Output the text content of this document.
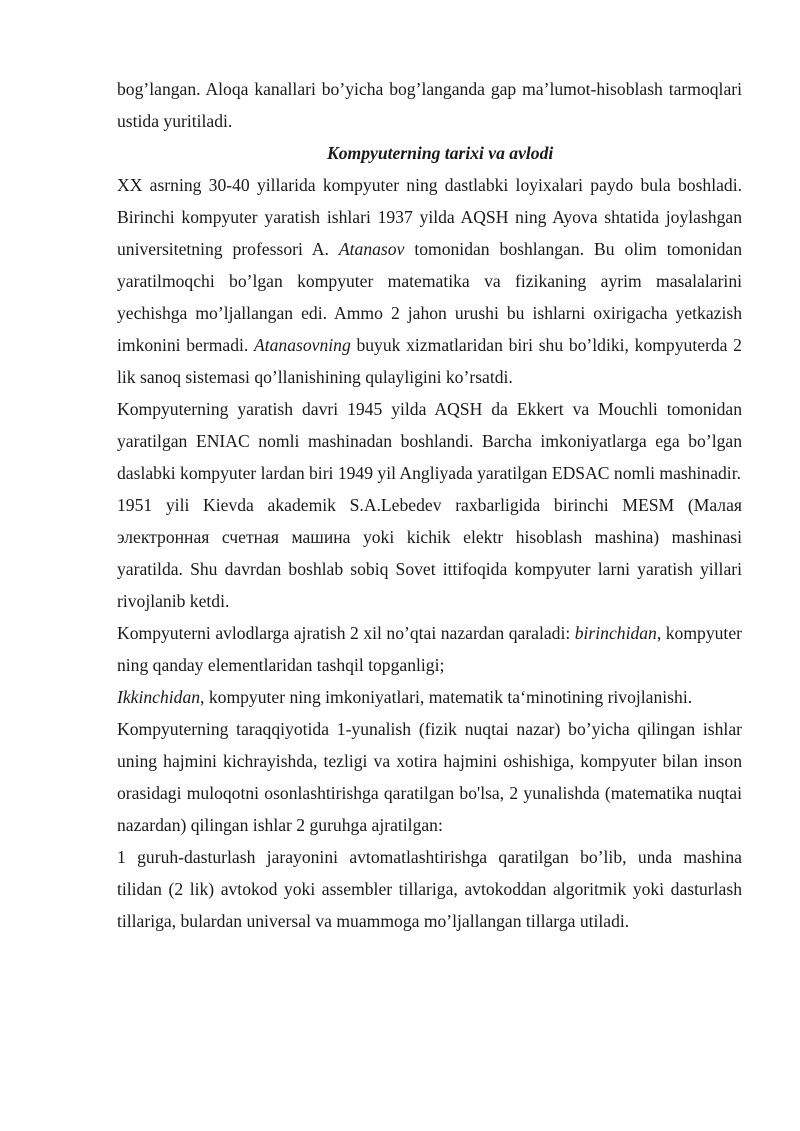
bog’langan. Aloqa kanallari bo’yicha bog’langanda gap ma’lumot-hisoblash tarmoqlari ustida yuritiladi.

Kompyuterning tarixi va avlodi

XX asrning 30-40 yillarida kompyuter ning dastlabki loyixalari paydo bula boshladi. Birinchi kompyuter yaratish ishlari 1937 yilda AQSH ning Ayova shtatida joylashgan universitetning professori A. Atanasov tomonidan boshlangan. Bu olim tomonidan yaratilmoqchi bo’lgan kompyuter matematika va fizikaning ayrim masalalarini yechishga mo’ljallangan edi. Ammo 2 jahon urushi bu ishlarni oxirigacha yetkazish imkonini bermadi. Atanasovning buyuk xizmatlaridan biri shu bo’ldiki, kompyuterda 2 lik sanoq sistemasi qo’llanishining qulayligini ko’rsatdi.

Kompyuterning yaratish davri 1945 yilda AQSH da Ekkert va Mouchli tomonidan yaratilgan ENIAC nomli mashinadan boshlandi. Barcha imkoniyatlarga ega bo’lgan daslabki kompyuter lardan biri 1949 yil Angliyada yaratilgan EDSAC nomli mashinadir.

1951 yili Kievda akademik S.A.Lebedev raxbarligida birinchi MESM (Малая электронная счетная машина yoki kichik elektr hisoblash mashina) mashinasi yaratilda. Shu davrdan boshlab sobiq Sovet ittifoqida kompyuter larni yaratish yillari rivojlanib ketdi.

Kompyuterni avlodlarga ajratish 2 xil no’qtai nazardan qaraladi: birinchidan, kompyuter ning qanday elementlaridan tashqil topganligi;

Ikkinchidan, kompyuter ning imkoniyatlari, matematik ta‘minotining rivojlanishi.

Kompyuterning taraqqiyotida 1-yunalish (fizik nuqtai nazar) bo’yicha qilingan ishlar uning hajmini kichrayishda, tezligi va xotira hajmini oshishiga, kompyuter bilan inson orasidagi muloqotni osonlashtirishga qaratilgan bo'lsa, 2 yunalishda (matematika nuqtai nazardan) qilingan ishlar 2 guruhga ajratilgan:

1 guruh-dasturlash jarayonini avtomatlashtirishga qaratilgan bo’lib, unda mashina tilidan (2 lik) avtokod yoki assembler tillariga, avtokoddan algoritmik yoki dasturlash tillariga, bulardan universal va muammoga mo’ljallangan tillarga utiladi.
